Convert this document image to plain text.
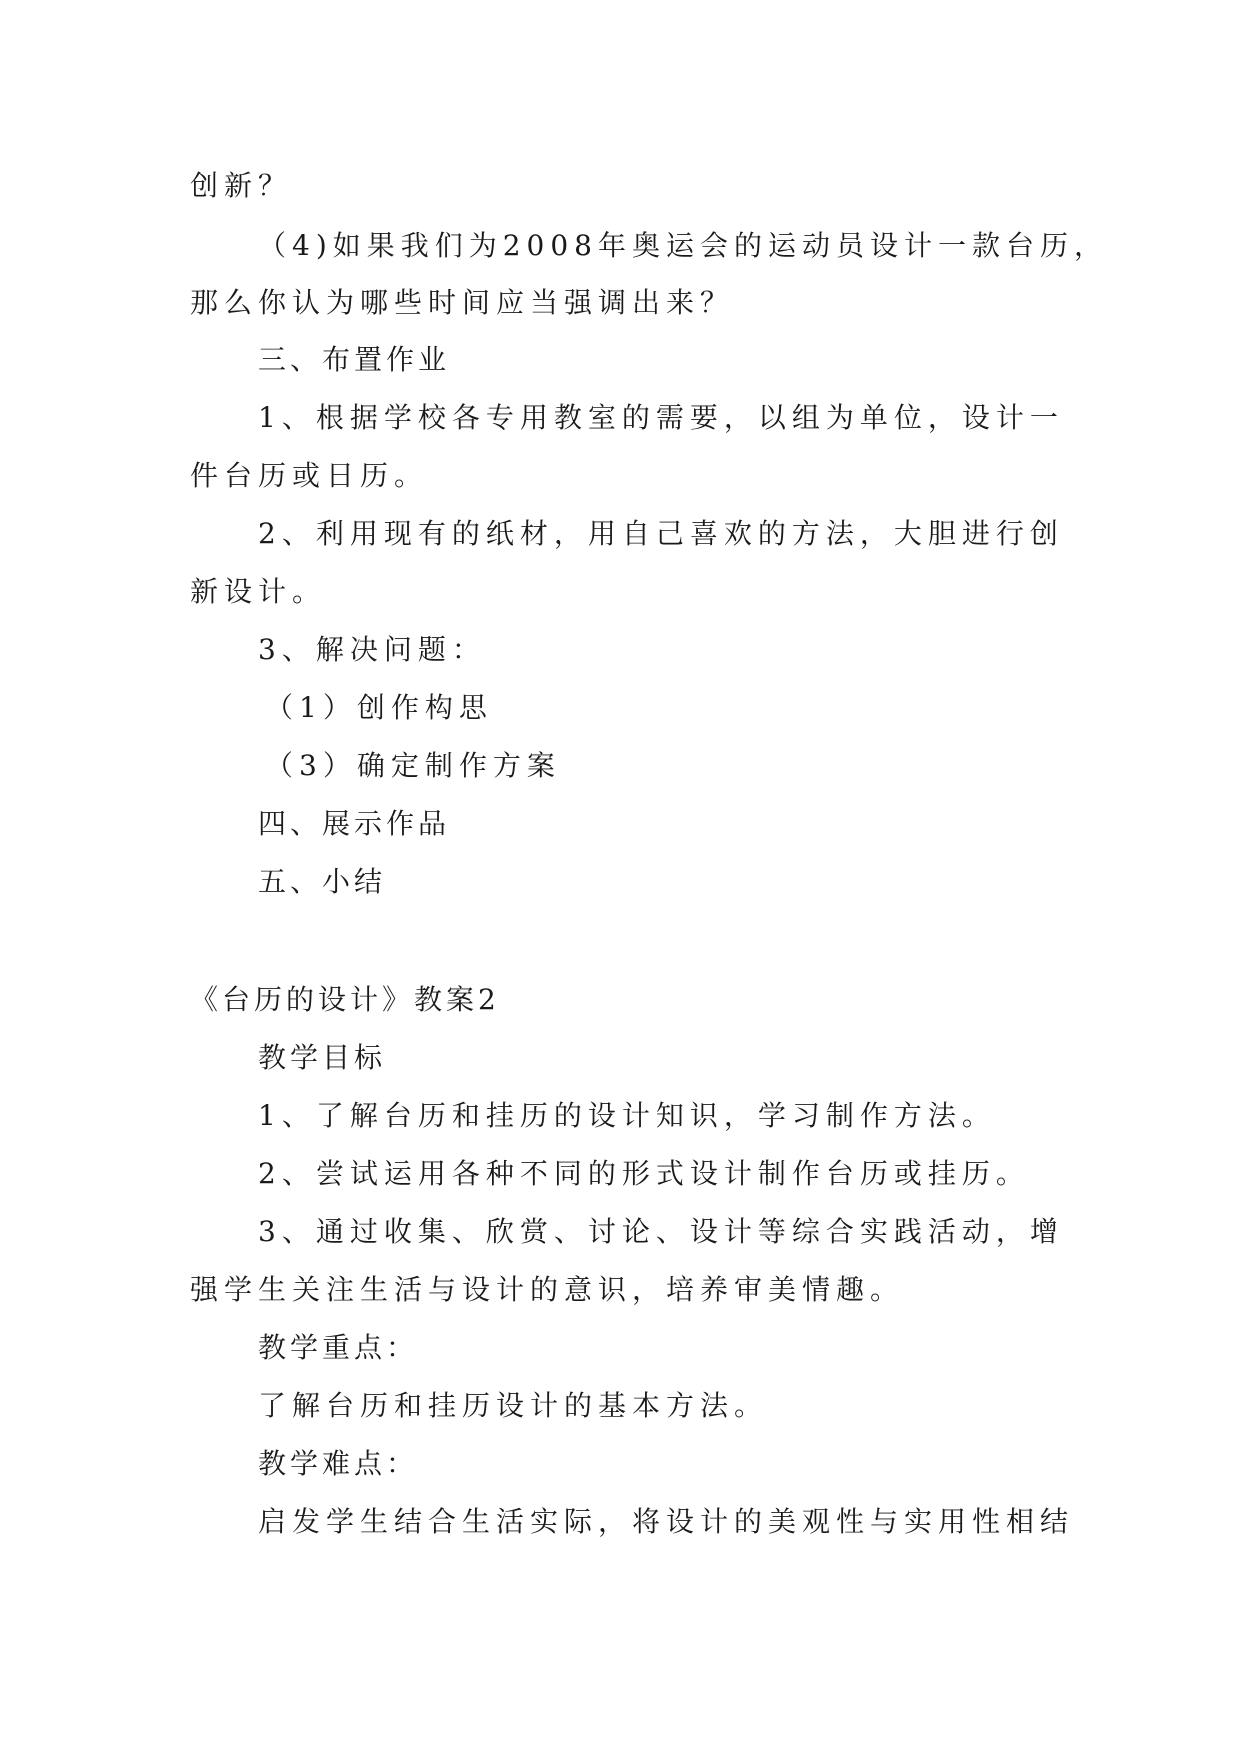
创新？
（4)如果我们为2008年奥运会的运动员设计一款台历，
那么你认为哪些时间应当强调出来？
三、布置作业
1、根据学校各专用教室的需要，以组为单位，设计一
件台历或日历。
2、利用现有的纸材，用自己喜欢的方法，大胆进行创
新设计。
3、解决问题：
（1）创作构思
（3）确定制作方案
四、展示作品
五、小结
《台历的设计》教案2
教学目标
1、了解台历和挂历的设计知识，学习制作方法。
2、尝试运用各种不同的形式设计制作台历或挂历。
3、通过收集、欣赏、讨论、设计等综合实践活动，增
强学生关注生活与设计的意识，培养审美情趣。
教学重点：
了解台历和挂历设计的基本方法。
教学难点：
启发学生结合生活实际，将设计的美观性与实用性相结
